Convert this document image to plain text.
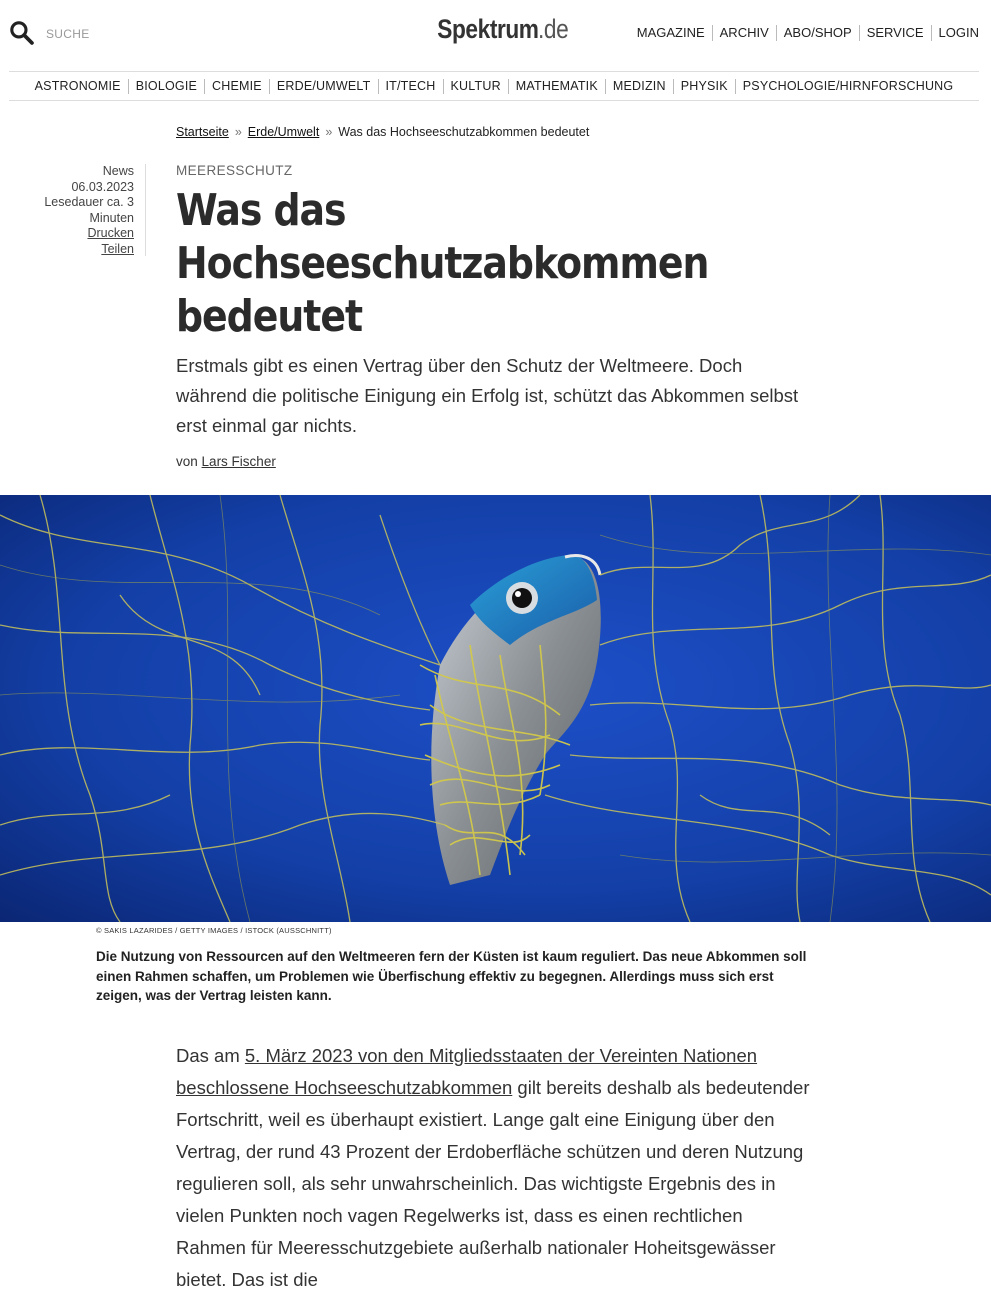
SUCHE	Spektrum .de	MAGAZINE	ARCHIV	ABO/SHOP	SERVICE	LOGIN
ASTRONOMIE	BIOLOGIE	CHEMIE	ERDE/UMWELT	IT/TECH	KULTUR	MATHEMATIK	MEDIZIN	PHYSIK	PSYCHOLOGIE/HIRNFORSCHUNG
Startseite » Erde/Umwelt » Was das Hochseeschutzabkommen bedeutet
News
06.03.2023
Lesedauer ca. 3 Minuten
Drucken
Teilen
MEERESSCHUTZ
Was das
Hochseeschutzabkommen
bedeutet

Erstmals gibt es einen Vertrag über den Schutz der Weltmeere. Doch während die politische Einigung ein Erfolg ist, schützt das Abkommen selbst erst einmal gar nichts.

von Lars Fischer
© SAKIS LAZARIDES / GETTY IMAGES / ISTOCK (AUSSCHNITT)

Die Nutzung von Ressourcen auf den Weltmeeren fern der Küsten ist kaum reguliert. Das neue Abkommen soll einen Rahmen schaffen, um Problemen wie Überfischung effektiv zu begegnen. Allerdings muss sich erst zeigen, was der Vertrag leisten kann.

Das am 5. März 2023 von den Mitgliedsstaaten der Vereinten Nationen beschlossene Hochseeschutzabkommen gilt bereits deshalb als bedeutender Fortschritt, weil es überhaupt existiert. Lange galt eine Einigung über den Vertrag, der rund 43 Prozent der Erdoberfläche schützen und deren Nutzung regulieren soll, als sehr unwahrscheinlich. Das wichtigste Ergebnis des in vielen Punkten noch vagen Regelwerks ist, dass es einen rechtlichen Rahmen für Meeresschutzgebiete außerhalb nationaler Hoheitsgewässer bietet. Das ist die
